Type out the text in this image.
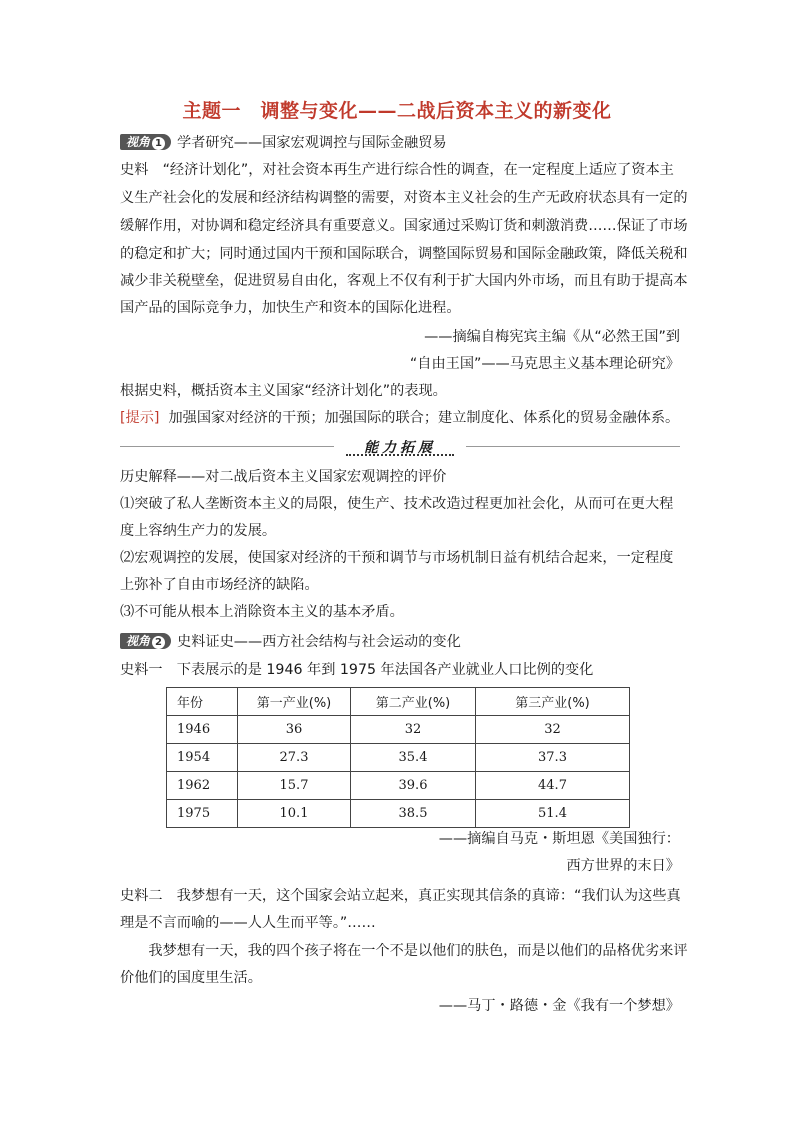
主题一　调整与变化——二战后资本主义的新变化
视角 1 学者研究——国家宏观调控与国际金融贸易
史料　“经济计划化”，对社会资本再生产进行综合性的调查，在一定程度上适应了资本主
义生产社会化的发展和经济结构调整的需要，对资本主义社会的生产无政府状态具有一定的
缓解作用，对协调和稳定经济具有重要意义。国家通过采购订货和刺激消费……保证了市场
的稳定和扩大；同时通过国内干预和国际联合，调整国际贸易和国际金融政策，降低关税和
减少非关税壁垒，促进贸易自由化，客观上不仅有利于扩大国内外市场，而且有助于提高本
国产品的国际竞争力，加快生产和资本的国际化进程。
——摘编自梅宪宾主编《从“必然王国”到
“自由王国”——马克思主义基本理论研究》
根据史料，概括资本主义国家“经济计划化”的表现。
[提示] 加强国家对经济的干预；加强国际的联合；建立制度化、体系化的贸易金融体系。
能力拓展
历史解释——对二战后资本主义国家宏观调控的评价
⑴突破了私人垄断资本主义的局限，使生产、技术改造过程更加社会化，从而可在更大程
度上容纳生产力的发展。
⑵宏观调控的发展，使国家对经济的干预和调节与市场机制日益有机结合起来，一定程度
上弥补了自由市场经济的缺陷。
⑶不可能从根本上消除资本主义的基本矛盾。
视角 2 史料证史——西方社会结构与社会运动的变化
史料一　下表展示的是 1946 年到 1975 年法国各产业就业人口比例的变化
年份	第一产业(%)	第二产业(%)	第三产业(%)
1946	36	32	32
1954	27.3	35.4	37.3
1962	15.7	39.6	44.7
1975	10.1	38.5	51.4
——摘编自马克・斯坦恩《美国独行：
西方世界的末日》
史料二　我梦想有一天，这个国家会站立起来，真正实现其信条的真谛：“我们认为这些真
理是不言而喻的——人人生而平等。”……
　　我梦想有一天，我的四个孩子将在一个不是以他们的肤色，而是以他们的品格优劣来评
价他们的国度里生活。
——马丁・路德・金《我有一个梦想》
